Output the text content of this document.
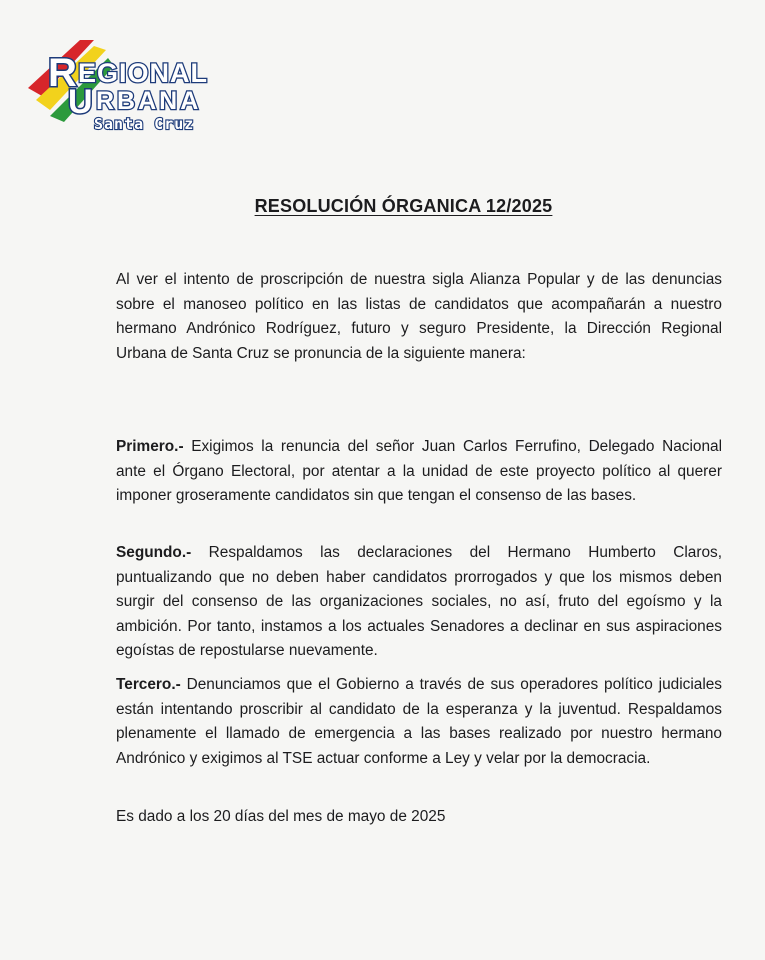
R EGIONAL
U RBANA
Santa Cruz
RESOLUCIÓN ÓRGANICA 12/2025

Al ver el intento de proscripción de nuestra sigla Alianza Popular y de las denuncias sobre el manoseo político en las listas de candidatos que acompañarán a nuestro hermano Andrónico Rodríguez, futuro y seguro Presidente, la Dirección Regional Urbana de Santa Cruz se pronuncia de la siguiente manera:

Primero.- Exigimos la renuncia del señor Juan Carlos Ferrufino, Delegado Nacional ante el Órgano Electoral, por atentar a la unidad de este proyecto político al querer imponer groseramente candidatos sin que tengan el consenso de las bases.

Segundo.- Respaldamos las declaraciones del Hermano Humberto Claros, puntualizando que no deben haber candidatos prorrogados y que los mismos deben surgir del consenso de las organizaciones sociales, no así, fruto del egoísmo y la ambición. Por tanto, instamos a los actuales Senadores a declinar en sus aspiraciones egoístas de repostularse nuevamente.

Tercero.- Denunciamos que el Gobierno a través de sus operadores político judiciales están intentando proscribir al candidato de la esperanza y la juventud. Respaldamos plenamente el llamado de emergencia a las bases realizado por nuestro hermano Andrónico y exigimos al TSE actuar conforme a Ley y velar por la democracia.

Es dado a los 20 días del mes de mayo de 2025
